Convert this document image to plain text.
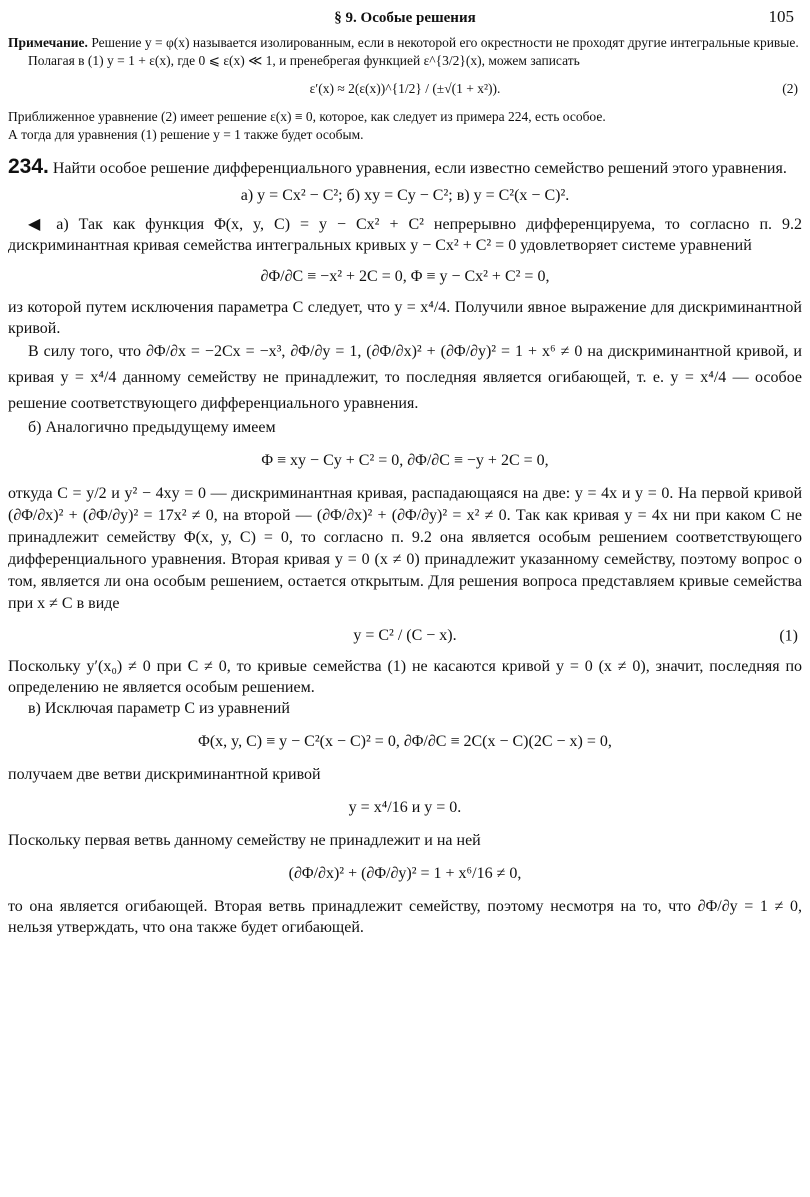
§ 9. Особые решения	105

Примечание. Решение y = φ(x) называется изолированным, если в некоторой его окрестности не проходят другие интегральные кривые.

Полагая в (1) y = 1 + ε(x), где 0 ⩽ ε(x) ≪ 1, и пренебрегая функцией ε^{3/2}(x), можем записать

ε′(x) ≈ 2(ε(x))^{1/2} / (±√(1 + x²)).	(2)

Приближенное уравнение (2) имеет решение ε(x) ≡ 0, которое, как следует из примера 224, есть особое.

А тогда для уравнения (1) решение y = 1 также будет особым.

234. Найти особое решение дифференциального уравнения, если известно семейство решений этого уравнения.

а) y = Cx² − C²; б) xy = Cy − C²; в) y = C²(x − C)².

◀ а) Так как функция Φ(x, y, C) = y − Cx² + C² непрерывно дифференцируема, то согласно п. 9.2 дискриминантная кривая семейства интегральных кривых y − Cx² + C² = 0 удовлетворяет системе уравнений

∂Φ/∂C ≡ −x² + 2C = 0, Φ ≡ y − Cx² + C² = 0,

из которой путем исключения параметра C следует, что y = x⁴/4. Получили явное выражение для дискриминантной кривой.

В силу того, что ∂Φ/∂x = −2Cx = −x³, ∂Φ/∂y = 1, (∂Φ/∂x)² + (∂Φ/∂y)² = 1 + x⁶ ≠ 0 на дискриминантной кривой, и кривая y = x⁴/4 данному семейству не принадлежит, то последняя является огибающей, т. е. y = x⁴/4 — особое решение соответствующего дифференциального уравнения.

б) Аналогично предыдущему имеем

Φ ≡ xy − Cy + C² = 0, ∂Φ/∂C ≡ −y + 2C = 0,

откуда C = y/2 и y² − 4xy = 0 — дискриминантная кривая, распадающаяся на две: y = 4x и y = 0. На первой кривой (∂Φ/∂x)² + (∂Φ/∂y)² = 17x² ≠ 0, на второй — (∂Φ/∂x)² + (∂Φ/∂y)² = x² ≠ 0. Так как кривая y = 4x ни при каком C не принадлежит семейству Φ(x, y, C) = 0, то согласно п. 9.2 она является особым решением соответствующего дифференциального уравнения. Вторая кривая y = 0 (x ≠ 0) принадлежит указанному семейству, поэтому вопрос о том, является ли она особым решением, остается открытым. Для решения вопроса представляем кривые семейства при x ≠ C в виде

y = C² / (C − x).	(1)

Поскольку y′(x₀) ≠ 0 при C ≠ 0, то кривые семейства (1) не касаются кривой y = 0 (x ≠ 0), значит, последняя по определению не является особым решением.

в) Исключая параметр C из уравнений

Φ(x, y, C) ≡ y − C²(x − C)² = 0, ∂Φ/∂C ≡ 2C(x − C)(2C − x) = 0,

получаем две ветви дискриминантной кривой

y = x⁴/16 и y = 0.

Поскольку первая ветвь данному семейству не принадлежит и на ней

(∂Φ/∂x)² + (∂Φ/∂y)² = 1 + x⁶/16 ≠ 0,

то она является огибающей. Вторая ветвь принадлежит семейству, поэтому несмотря на то, что ∂Φ/∂y = 1 ≠ 0, нельзя утверждать, что она также будет огибающей.
